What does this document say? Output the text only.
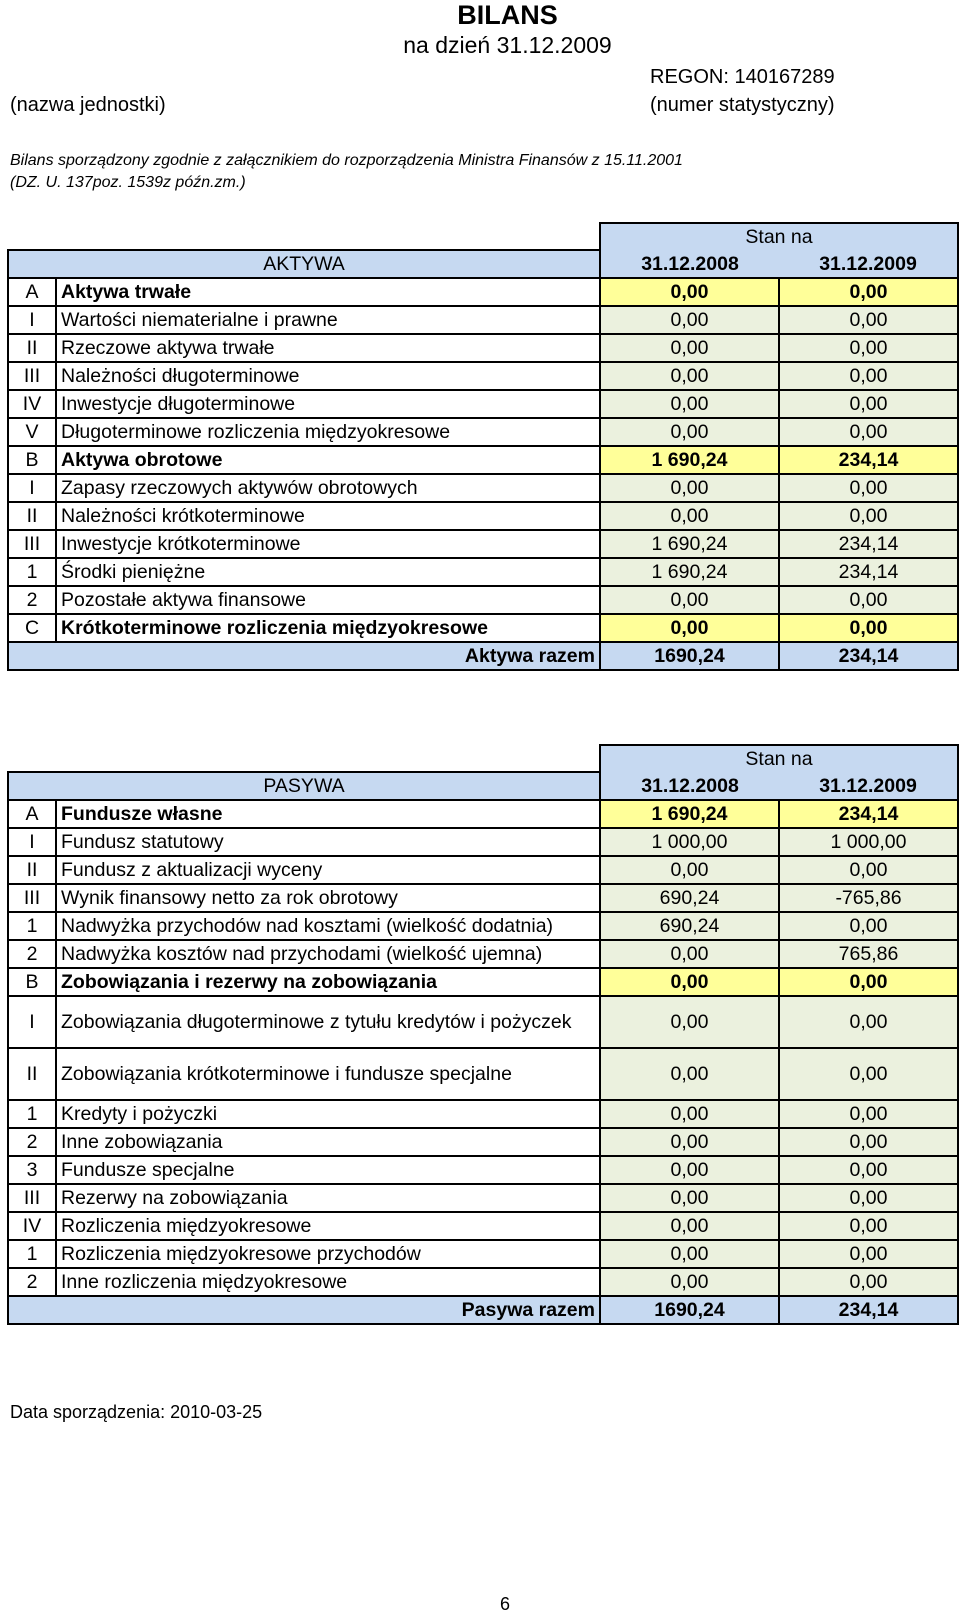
BILANS
na dzień 31.12.2009
REGON: 140167289
(nazwa jednostki)	(numer statystyczny)
Bilans sporządzony zgodnie z załącznikiem do rozporządzenia Ministra Finansów z 15.11.2001 (DZ. U. 137poz. 1539z późn.zm.)
		Stan na	
AKTYWA		31.12.2008	31.12.2009
A	Aktywa trwałe	0,00	0,00
I	Wartości niematerialne i prawne	0,00	0,00
II	Rzeczowe aktywa trwałe	0,00	0,00
III	Należności długoterminowe	0,00	0,00
IV	Inwestycje długoterminowe	0,00	0,00
V	Długoterminowe rozliczenia międzyokresowe	0,00	0,00
B	Aktywa obrotowe	1 690,24	234,14
I	Zapasy rzeczowych aktywów obrotowych	0,00	0,00
II	Należności krótkoterminowe	0,00	0,00
III	Inwestycje krótkoterminowe	1 690,24	234,14
1	Środki pieniężne	1 690,24	234,14
2	Pozostałe aktywa finansowe	0,00	0,00
C	Krótkoterminowe rozliczenia międzyokresowe	0,00	0,00
Aktywa razem		1690,24	234,14
		Stan na	
PASYWA		31.12.2008	31.12.2009
A	Fundusze własne	1 690,24	234,14
I	Fundusz statutowy	1 000,00	1 000,00
II	Fundusz z aktualizacji wyceny	0,00	0,00
III	Wynik finansowy netto za rok obrotowy	690,24	-765,86
1	Nadwyżka przychodów nad kosztami (wielkość dodatnia)	690,24	0,00
2	Nadwyżka kosztów nad przychodami (wielkość ujemna)	0,00	765,86
B	Zobowiązania i rezerwy na zobowiązania	0,00	0,00
I	Zobowiązania długoterminowe z tytułu kredytów i pożyczek	0,00	0,00
II	Zobowiązania krótkoterminowe i fundusze specjalne	0,00	0,00
1	Kredyty i pożyczki	0,00	0,00
2	Inne zobowiązania	0,00	0,00
3	Fundusze specjalne	0,00	0,00
III	Rezerwy na zobowiązania	0,00	0,00
IV	Rozliczenia międzyokresowe	0,00	0,00
1	Rozliczenia międzyokresowe przychodów	0,00	0,00
2	Inne rozliczenia międzyokresowe	0,00	0,00
Pasywa razem		1690,24	234,14
Data sporządzenia: 2010-03-25
6
